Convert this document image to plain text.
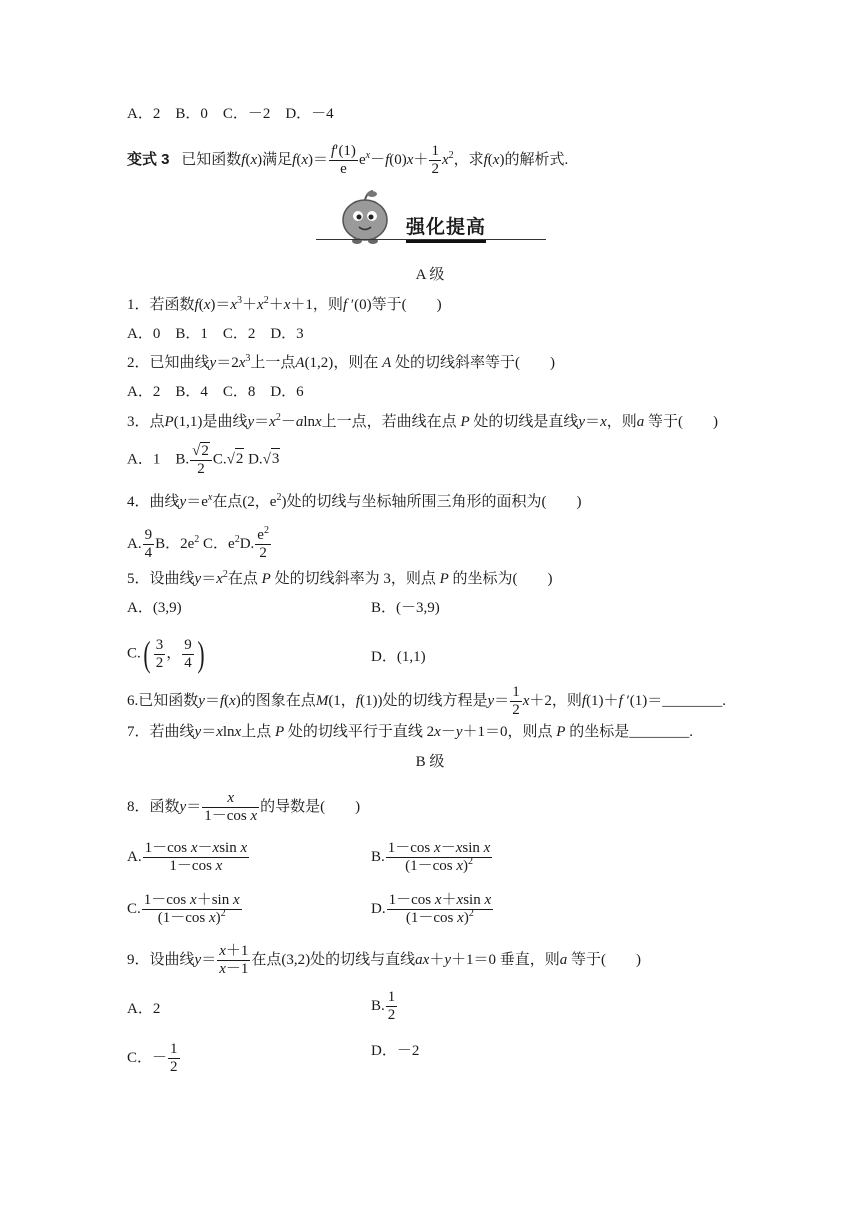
A．2　B．0　C．－2　D．－4
变式 3 已知函数f(x)满足$f(x)= \frac{f'(1)}{e} e^x-f(0)x+ \frac{1}{2} x^2$，求f(x)的解析式.
强化提高
A 级
1．若函数$f(x)=x^3+x^2+x+1$，则f ′(0)等于(　　)
A．0　B．1　C．2　D．3
2．已知曲线$y=2x^3$上一点A(1,2)，则在 A 处的切线斜率等于(　　)
A．2　B．4　C．8　D．6
3．点P(1,1)是曲线$y=x^2-alnx$上一点，若曲线在点 P 处的切线是直线y＝x，则a 等于(　　)
A．1　B. $\frac{√2}{2} C.√2$ D.√3
4．曲线$y=e^x$在点(2，$e^2$)处的切线与坐标轴所围三角形的面积为(　　)
A. $\frac{9}{4}$ B．$2e^2$ C．$e^2D$. $\frac{e^2}{2}$
5．设曲线$y=x^2$在点 P 处的切线斜率为 3，则点 P 的坐标为(　　)
A．(3,9)	B．(－3,9)
$C.( \frac{3}{2}$ ， $\frac{9}{4}$ )	D．(1,1)
6.已知函数y＝f(x)的图象在点M(1，f(1))处的切线方程是$y= \frac{1}{2} x+2$，则f(1)＋f ′(1)＝________.
7．若曲线y＝xlnx上点 P 处的切线平行于直线 2x－y＋1＝0，则点 P 的坐标是________.
B 级
8．函数$y= \frac{x}{\text{1－cos x}}$ 的导数是(　　)
A. $\frac{\text{1－cos x－xsin x}}{\text{1－cos x}}$	B. $\frac{\text{1－cos x－xsin x}}{(1-\cos x)^2}$
C. $\frac{\text{1－cos x＋sin x}}{(1-\cos x)^2}$	D. $\frac{\text{1－cos x＋xsin x}}{(1-\cos x)^2}$
9．设曲线$y= \frac{x+1}{x-1}$ 在点(3,2)处的切线与直线ax＋y＋1＝0 垂直，则a 等于(　　)
A．2	B. $\frac{1}{2}$
C．－ $\frac{1}{2}$	D．－2
